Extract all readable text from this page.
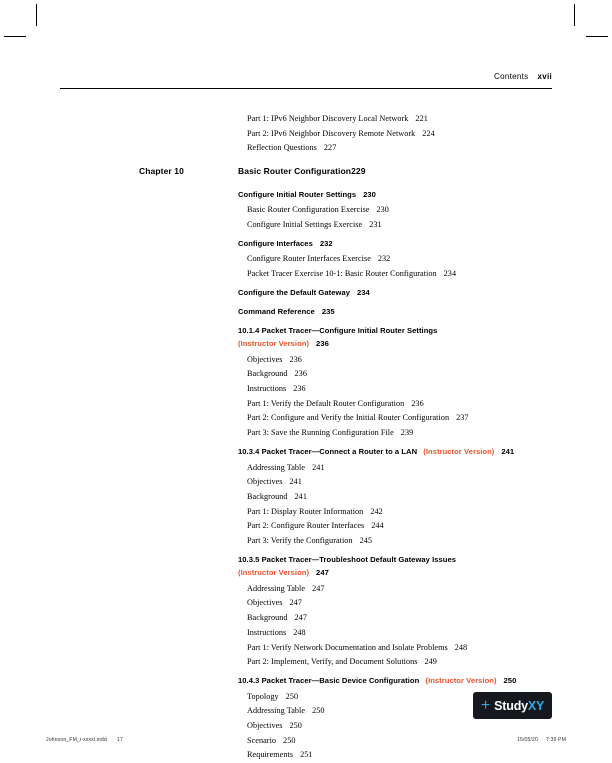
Contents xvii
Part 1: IPv6 Neighbor Discovery Local Network 221
Part 2: IPv6 Neighbor Discovery Remote Network 224
Reflection Questions 227
Chapter 10	Basic Router Configuration229
Configure Initial Router Settings 230
Basic Router Configuration Exercise 230
Configure Initial Settings Exercise 231
Configure Interfaces 232
Configure Router Interfaces Exercise 232
Packet Tracer Exercise 10-1: Basic Router Configuration 234
Configure the Default Gateway 234
Command Reference 235
10.1.4 Packet Tracer—Configure Initial Router Settings
(Instructor Version) 236
Objectives 236
Background 236
Instructions 236
Part 1: Verify the Default Router Configuration 236
Part 2: Configure and Verify the Initial Router Configuration 237
Part 3: Save the Running Configuration File 239
10.3.4 Packet Tracer—Connect a Router to a LAN (Instructor Version) 241
Addressing Table 241
Objectives 241
Background 241
Part 1: Display Router Information 242
Part 2: Configure Router Interfaces 244
Part 3: Verify the Configuration 245
10.3.5 Packet Tracer—Troubleshoot Default Gateway Issues
(Instructor Version) 247
Addressing Table 247
Objectives 247
Background 247
Instructions 248
Part 1: Verify Network Documentation and Isolate Problems 248
Part 2: Implement, Verify, and Document Solutions 249
10.4.3 Packet Tracer—Basic Device Configuration (Instructor Version) 250
Topology 250
Addressing Table 250
Objectives 250
Scenario 250
Requirements 251
+ Study XY
Johnson_FM_i-xxxxi.indd 17	15/05/20 7:39 PM
